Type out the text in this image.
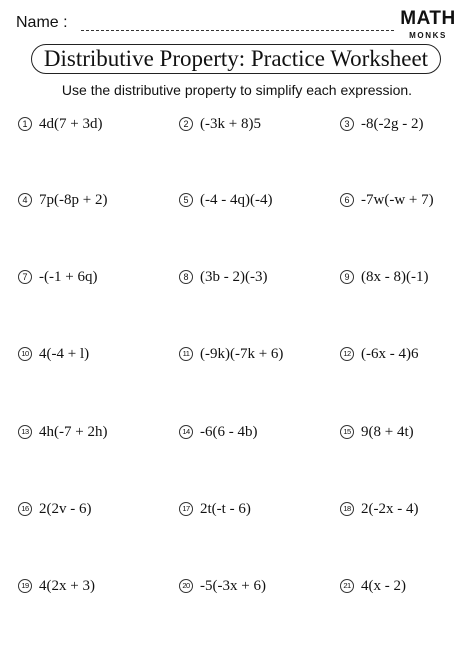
Name :	MATH
MONKS
Distributive Property: Practice Worksheet
Use the distributive property to simplify each expression.
1 4d(7 + 3d)	2 (-3k + 8)5	3 -8(-2g - 2)
4 7p(-8p + 2)	5 (-4 - 4q)(-4)	6 -7w(-w + 7)
7 -(-1 + 6q)	8 (3b - 2)(-3)	9 (8x - 8)(-1)
10 4(-4 + l)	11 (-9k)(-7k + 6)	12 (-6x - 4)6
13 4h(-7 + 2h)	14 -6(6 - 4b)	15 9(8 + 4t)
16 2(2v - 6)	17 2t(-t - 6)	18 2(-2x - 4)
19 4(2x + 3)	20 -5(-3x + 6)	21 4(x - 2)
